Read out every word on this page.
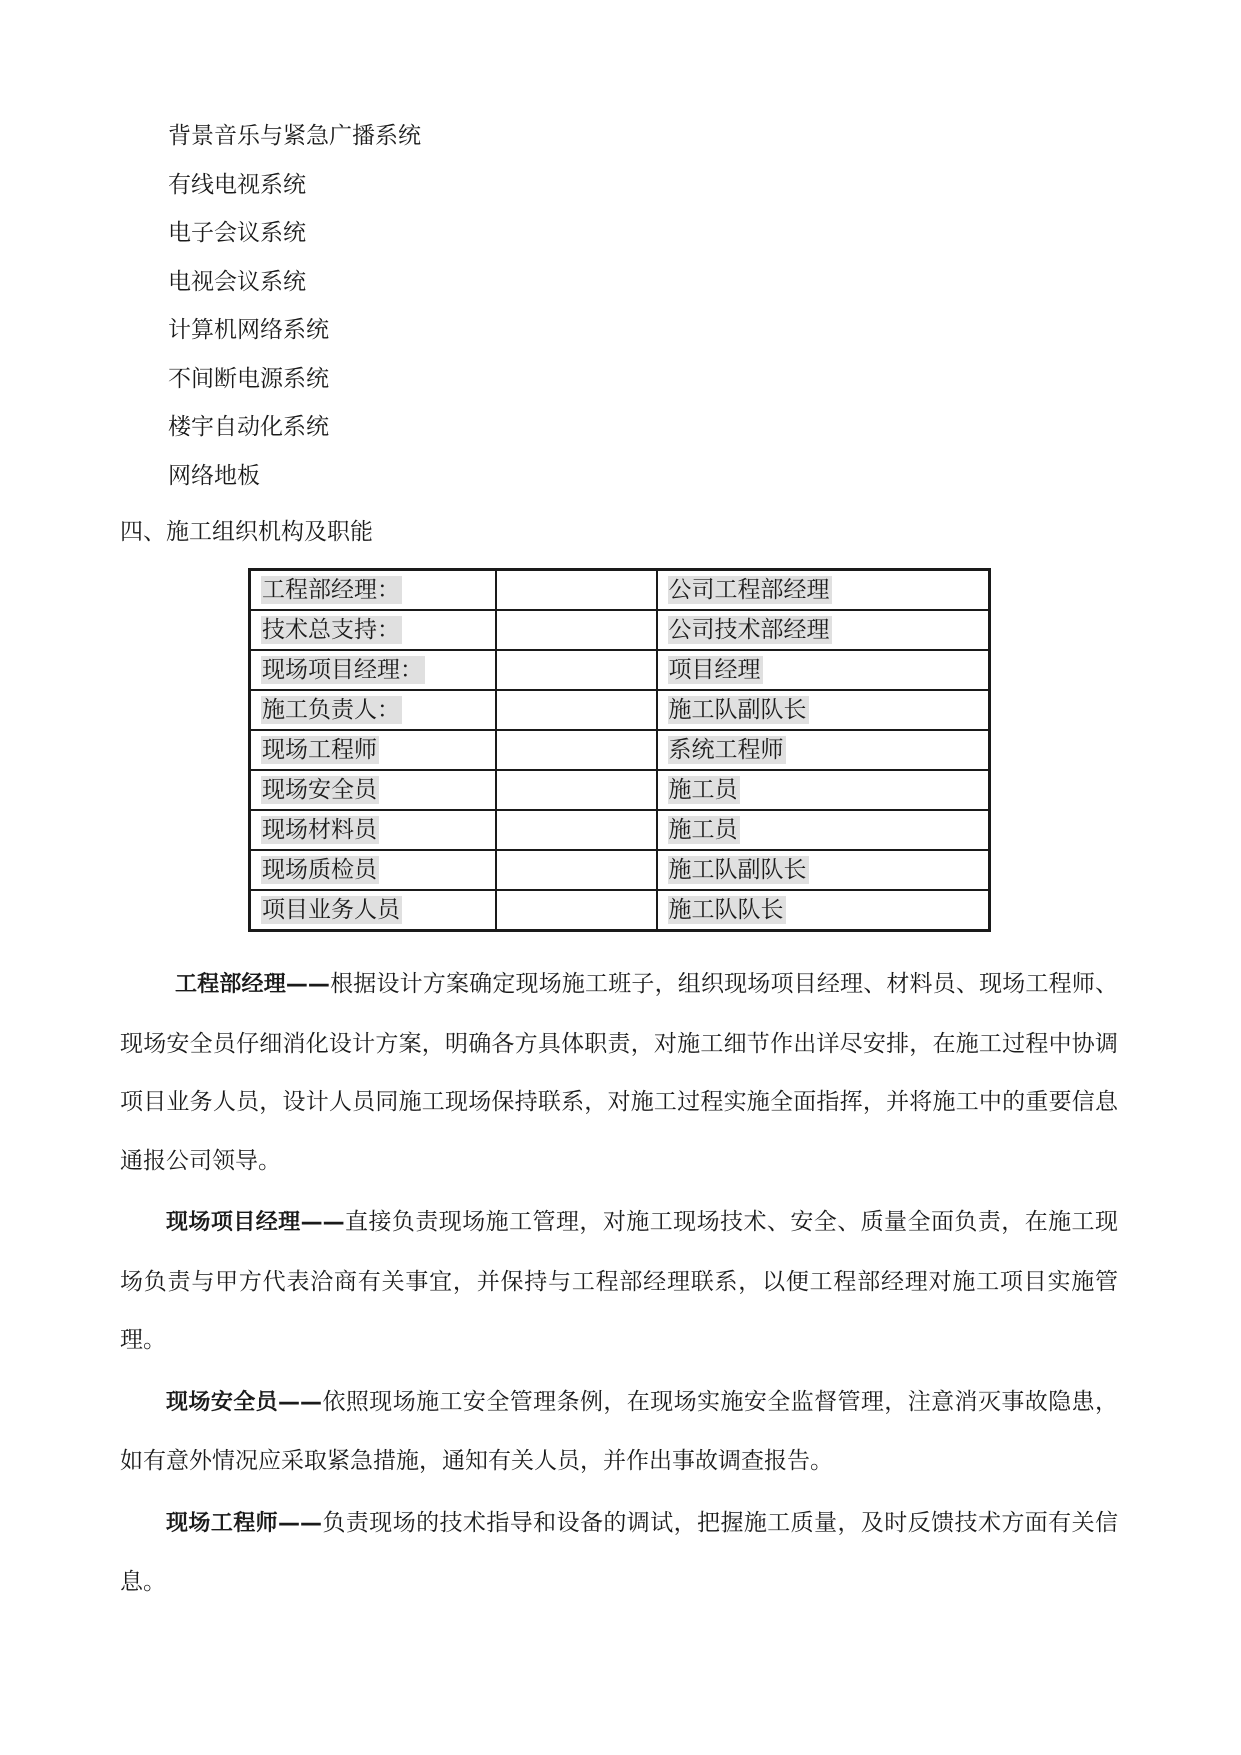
背景音乐与紧急广播系统
有线电视系统
电子会议系统
电视会议系统
计算机网络系统
不间断电源系统
楼宇自动化系统
网络地板
四、施工组织机构及职能
工程部经理：		公司工程部经理
技术总支持：		公司技术部经理
现场项目经理：		项目经理
施工负责人：		施工队副队长
现场工程师		系统工程师
现场安全员		施工员
现场材料员		施工员
现场质检员		施工队副队长
项目业务人员		施工队队长

工程部经理——根据设计方案确定现场施工班子，组织现场项目经理、材料员、现场工程师、现场安全员仔细消化设计方案，明确各方具体职责，对施工细节作出详尽安排，在施工过程中协调项目业务人员，设计人员同施工现场保持联系，对施工过程实施全面指挥，并将施工中的重要信息通报公司领导。

现场项目经理——直接负责现场施工管理，对施工现场技术、安全、质量全面负责，在施工现场负责与甲方代表洽商有关事宜，并保持与工程部经理联系，以便工程部经理对施工项目实施管理。

现场安全员——依照现场施工安全管理条例，在现场实施安全监督管理，注意消灭事故隐患，如有意外情况应采取紧急措施，通知有关人员，并作出事故调查报告。

现场工程师——负责现场的技术指导和设备的调试，把握施工质量，及时反馈技术方面有关信息。
